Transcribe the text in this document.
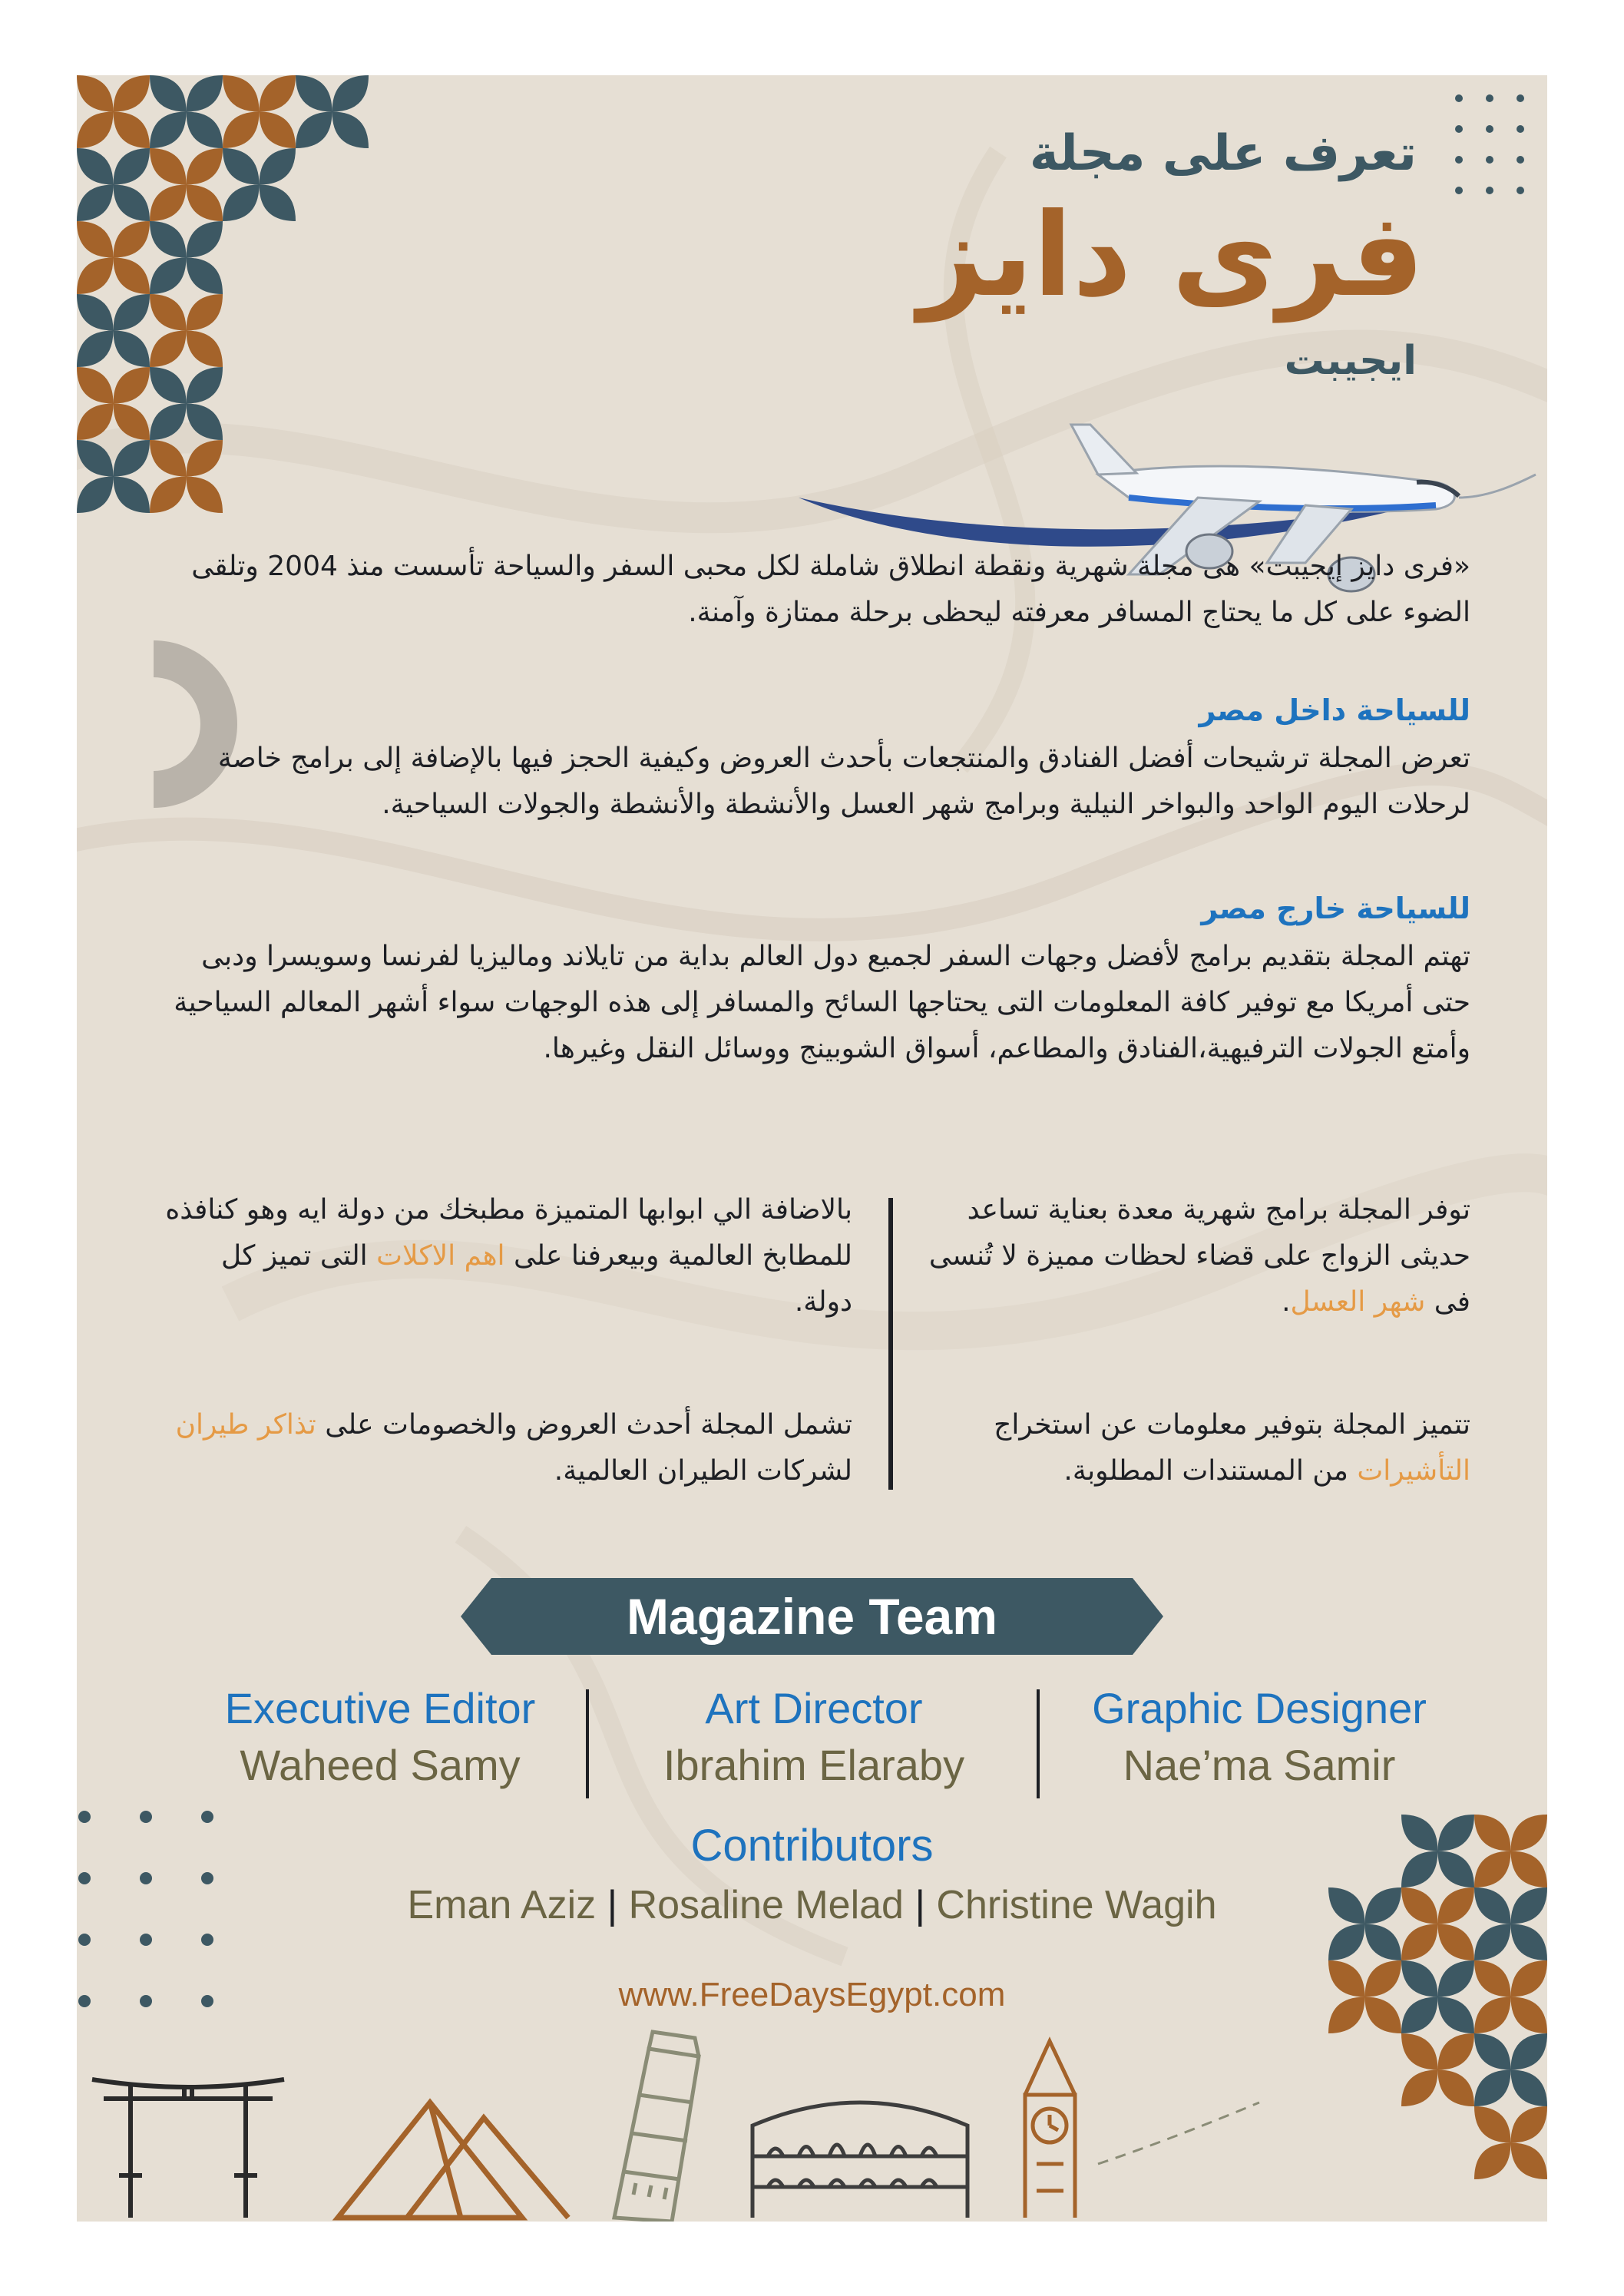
تعرف على مجلة
فرى دايز
ايجيبت
«فرى دايز إيجيبت» هى مجلة شهرية ونقطة انطلاق شاملة لكل محبى السفر والسياحة تأسست منذ 2004 وتلقى الضوء على كل ما يحتاج المسافر معرفته ليحظى برحلة ممتازة وآمنة.
للسياحة داخل مصر
تعرض المجلة ترشيحات أفضل الفنادق والمنتجعات بأحدث العروض وكيفية الحجز فيها بالإضافة إلى برامج خاصة لرحلات اليوم الواحد والبواخر النيلية وبرامج شهر العسل والأنشطة والأنشطة والجولات السياحية.
للسياحة خارج مصر
تهتم المجلة بتقديم برامج لأفضل وجهات السفر لجميع دول العالم بداية من تايلاند وماليزيا لفرنسا وسويسرا ودبى حتى أمريكا مع توفير كافة المعلومات التى يحتاجها السائح والمسافر إلى هذه الوجهات سواء أشهر المعالم السياحية وأمتع الجولات الترفيهية،الفنادق والمطاعم، أسواق الشوبينج ووسائل النقل وغيرها.
توفر المجلة برامج شهرية معدة بعناية تساعد حديثى الزواج على قضاء لحظات مميزة لا تُنسى فى شهر العسل.
تتميز المجلة بتوفير معلومات عن استخراج التأشيرات من المستندات المطلوبة.
بالاضافة الي ابوابها المتميزة مطبخك من دولة ايه وهو كنافذه للمطابخ العالمية وبيعرفنا على اهم الاكلات التى تميز كل دولة.
تشمل المجلة أحدث العروض والخصومات على تذاكر طيران لشركات الطيران العالمية.
Magazine Team
Executive Editor
Waheed Samy
Art Director
Ibrahim Elaraby
Graphic Designer
Nae’ma Samir
Contributors
Eman Aziz | Rosaline Melad | Christine Wagih
www.FreeDaysEgypt.com
